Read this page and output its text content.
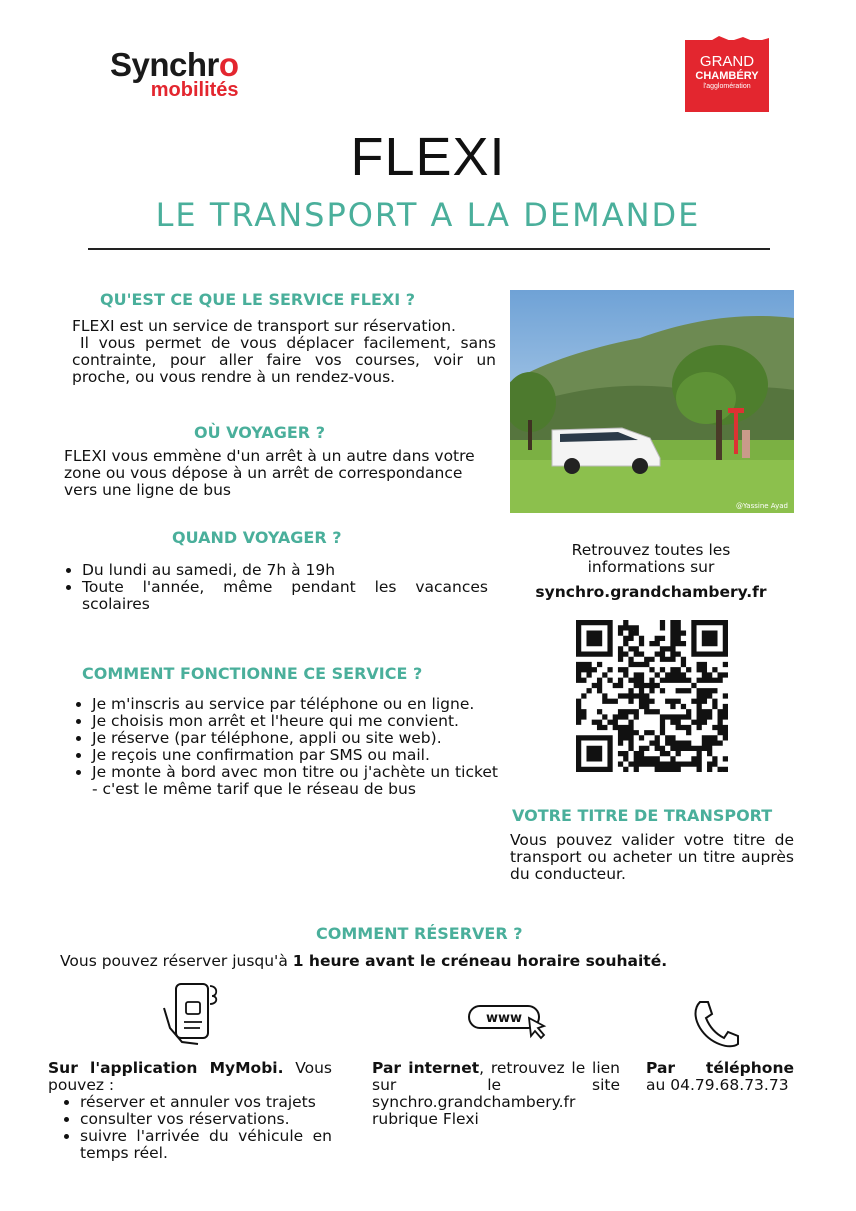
Synchro
mobilités
GRAND
CHAMBÉRY
l'agglomération
FLEXI
LE TRANSPORT A LA DEMANDE
QU'EST CE QUE LE SERVICE FLEXI ?
FLEXI est un service de transport sur réservation.
Il vous permet de vous déplacer facilement, sans contrainte, pour aller faire vos courses, voir un proche, ou vous rendre à un rendez-vous.
OÙ VOYAGER ?
FLEXI vous emmène d'un arrêt à un autre dans votre zone ou vous dépose à un arrêt de correspondance vers une ligne de bus
@Yassine Ayad
QUAND VOYAGER ?
• Du lundi au samedi, de 7h à 19h
• Toute l'année, même pendant les vacances scolaires
Retrouvez toutes les
informations sur
synchro.grandchambery.fr
COMMENT FONCTIONNE CE SERVICE ?
• Je m'inscris au service par téléphone ou en ligne.
• Je choisis mon arrêt et l'heure qui me convient.
• Je réserve (par téléphone, appli ou site web).
• Je reçois une confirmation par SMS ou mail.
• Je monte à bord avec mon titre ou j'achète un ticket - c'est le même tarif que le réseau de bus
VOTRE TITRE DE TRANSPORT
Vous pouvez valider votre titre de transport ou acheter un titre auprès du conducteur.
COMMENT RÉSERVER ?
Vous pouvez réserver jusqu'à 1 heure avant le créneau horaire souhaité.
www
Sur l'application MyMobi. Vous pouvez :
• réserver et annuler vos trajets
• consulter vos réservations.
• suivre l'arrivée du véhicule en temps réel.
Par internet, retrouvez le lien sur le site synchro.grandchambery.fr rubrique Flexi
Par téléphone
au 04.79.68.73.73
